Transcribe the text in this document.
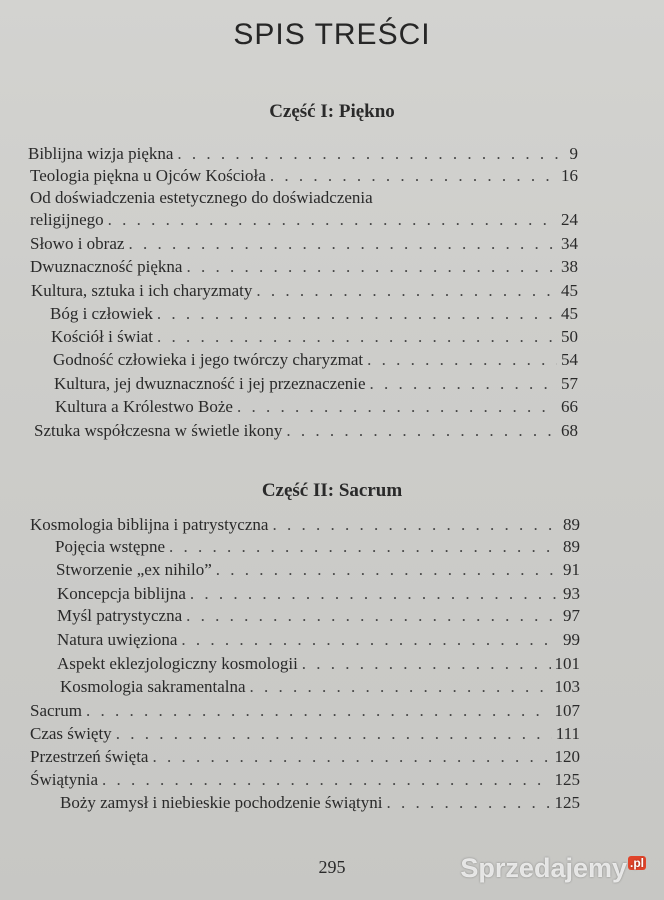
SPIS TREŚCI
Część I: Piękno
Biblijna wizja piękna . . .	9
Teologia piękna u Ojców Kościoła . . .	16
Od doświadczenia estetycznego do doświadczenia
religijnego . . .	24
Słowo i obraz . . .	34
Dwuznaczność piękna . . .	38
Kultura, sztuka i ich charyzmaty . . .	45
Bóg i człowiek . . .	45
Kościół i świat . . .	50
Godność człowieka i jego twórczy charyzmat . . .	54
Kultura, jej dwuznaczność i jej przeznaczenie . . .	57
Kultura a Królestwo Boże . . .	66
Sztuka współczesna w świetle ikony . . .	68
Część II: Sacrum
Kosmologia biblijna i patrystyczna . . .	89
Pojęcia wstępne . . .	89
Stworzenie „ex nihilo” . . .	91
Koncepcja biblijna . . .	93
Myśl patrystyczna . . .	97
Natura uwięziona . . .	99
Aspekt eklezjologiczny kosmologii . . .	101
Kosmologia sakramentalna . . .	103
Sacrum . . .	107
Czas święty . . .	111
Przestrzeń święta . . .	120
Świątynia . . .	125
Boży zamysł i niebieskie pochodzenie świątyni . . .	125
295	Sprzedajemy $^{.pl}$
